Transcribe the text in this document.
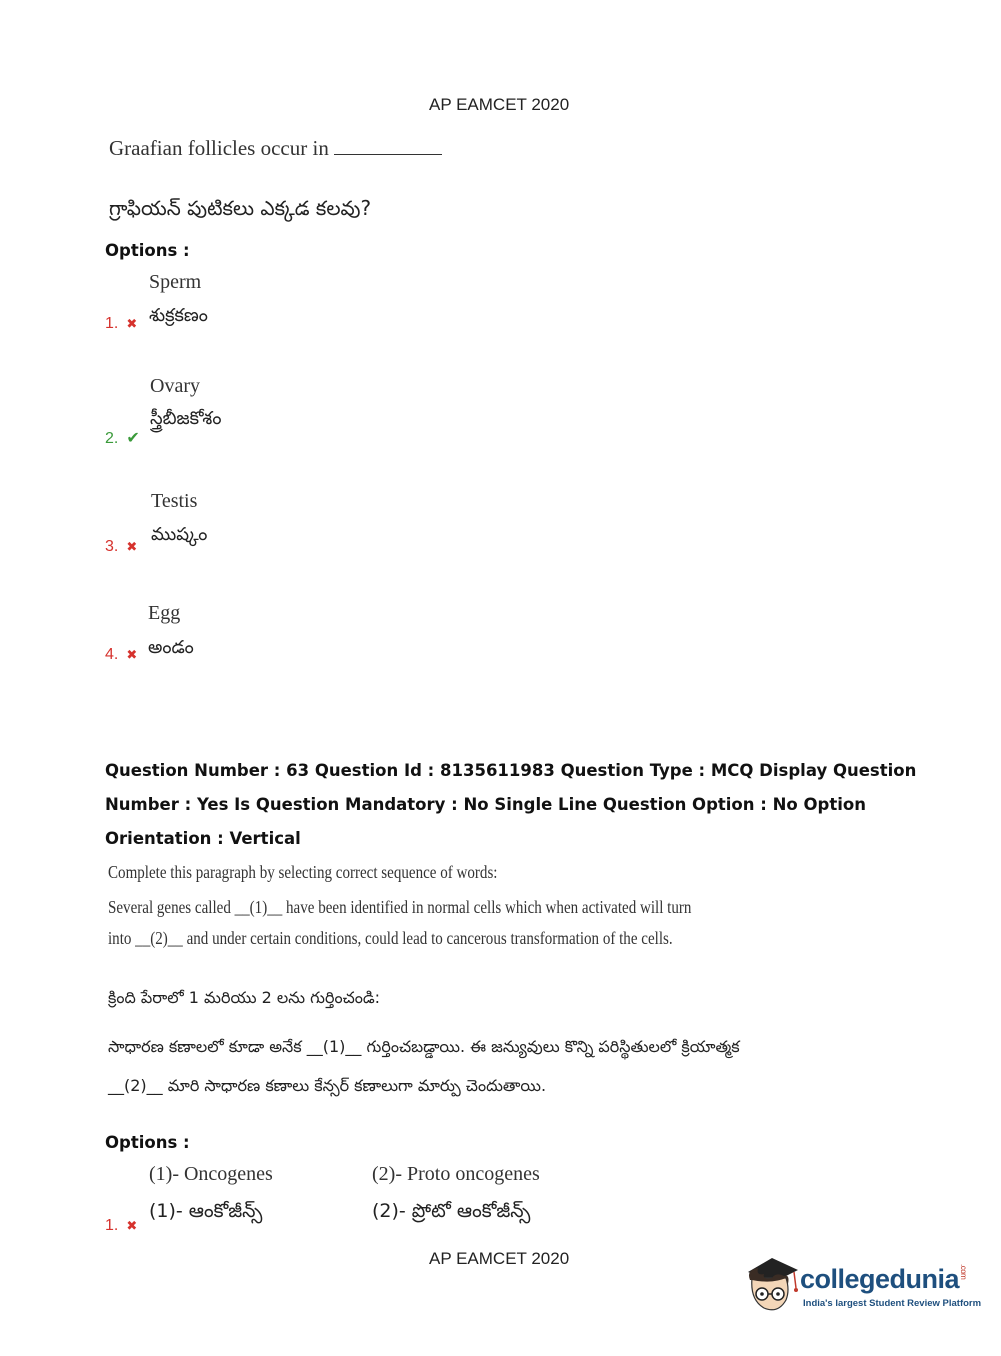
AP EAMCET 2020
Graafian follicles occur in
గ్రాఫియన్ పుటికలు ఎక్కడ కలవు?
Options :
Sperm
శుక్రకణం
1. ✖
Ovary
స్త్రీబీజకోశం
2. ✔
Testis
ముష్కం
3. ✖
Egg
అండం
4. ✖
Question Number : 63 Question Id : 8135611983 Question Type : MCQ Display Question
Number : Yes Is Question Mandatory : No Single Line Question Option : No Option
Orientation : Vertical
Complete this paragraph by selecting correct sequence of words:
Several genes called __(1)__ have been identified in normal cells which when activated will turn
into __(2)__ and under certain conditions, could lead to cancerous transformation of the cells.
క్రింది పేరాలో 1 మరియు 2 లను గుర్తించండి:
సాధారణ కణాలలో కూడా అనేక __(1)__ గుర్తించబడ్డాయి. ఈ జన్యువులు కొన్ని పరిస్థితులలో క్రియాత్మక
__(2)__ మారి సాధారణ కణాలు కేన్సర్ కణాలుగా మార్పు చెందుతాయి.
Options :
(1)- Oncogenes	(2)- Proto oncogenes
(1)- ఆంకోజీన్స్	(2)- ప్రోటో ఆంకోజీన్స్
1. ✖
AP EAMCET 2020
collegedunia.com
India's largest Student Review Platform
